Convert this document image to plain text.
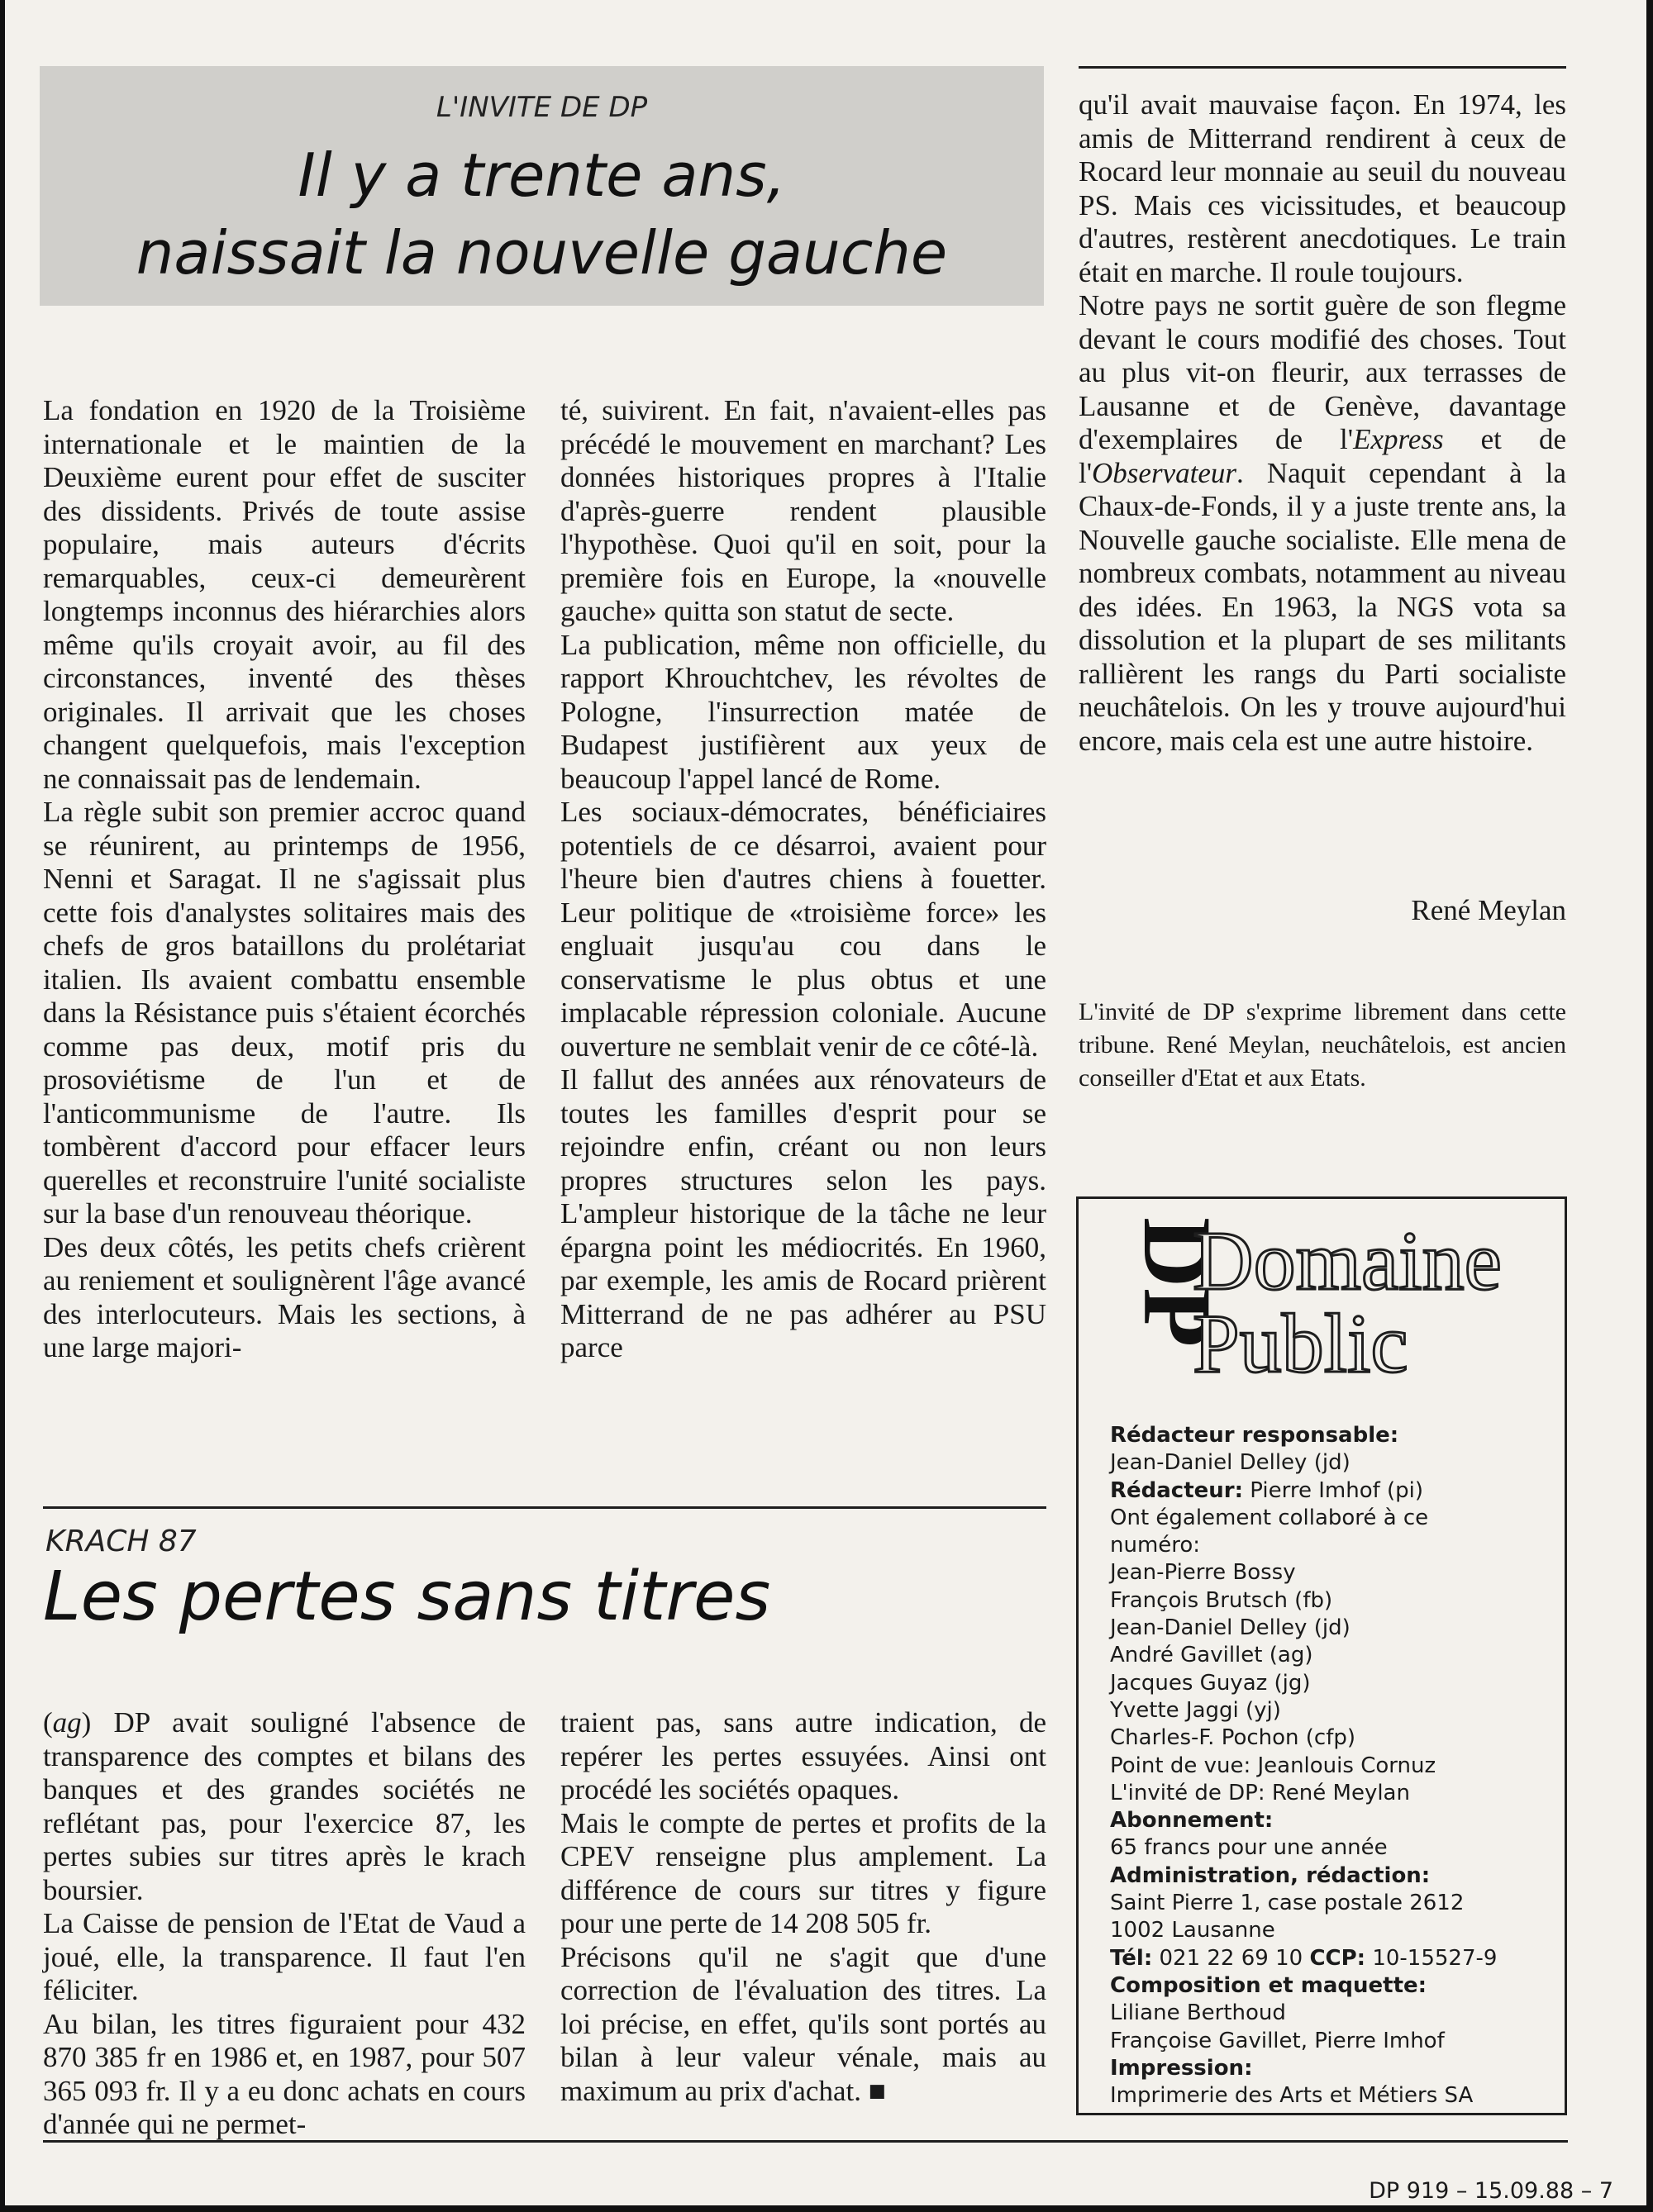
L'INVITE DE DP
Il y a trente ans,
naissait la nouvelle gauche

La fondation en 1920 de la Troisième internationale et le maintien de la Deuxième eurent pour effet de susciter des dissidents. Privés de toute assise populaire, mais auteurs d'écrits remarquables, ceux-ci demeurèrent longtemps inconnus des hiérarchies alors même qu'ils croyait avoir, au fil des circonstances, inventé des thèses originales. Il arrivait que les choses changent quelquefois, mais l'exception ne connaissait pas de lendemain.

La règle subit son premier accroc quand se réunirent, au printemps de 1956, Nenni et Saragat. Il ne s'agissait plus cette fois d'analystes solitaires mais des chefs de gros bataillons du prolétariat italien. Ils avaient combattu ensemble dans la Résistance puis s'étaient écorchés comme pas deux, motif pris du prosoviétisme de l'un et de l'anticommunisme de l'autre. Ils tombèrent d'accord pour effacer leurs querelles et reconstruire l'unité socialiste sur la base d'un renouveau théorique.

Des deux côtés, les petits chefs crièrent au reniement et soulignèrent l'âge avancé des interlocuteurs. Mais les sections, à une large majori-

té, suivirent. En fait, n'avaient-elles pas précédé le mouvement en marchant? Les données historiques propres à l'Italie d'après-guerre rendent plausible l'hypothèse. Quoi qu'il en soit, pour la première fois en Europe, la «nouvelle gauche» quitta son statut de secte.

La publication, même non officielle, du rapport Khrouchtchev, les révoltes de Pologne, l'insurrection matée de Budapest justifièrent aux yeux de beaucoup l'appel lancé de Rome.

Les sociaux-démocrates, bénéficiaires potentiels de ce désarroi, avaient pour l'heure bien d'autres chiens à fouetter. Leur politique de «troisième force» les engluait jusqu'au cou dans le conservatisme le plus obtus et une implacable répression coloniale. Aucune ouverture ne semblait venir de ce côté-là.

Il fallut des années aux rénovateurs de toutes les familles d'esprit pour se rejoindre enfin, créant ou non leurs propres structures selon les pays. L'ampleur historique de la tâche ne leur épargna point les médiocrités. En 1960, par exemple, les amis de Rocard prièrent Mitterrand de ne pas adhérer au PSU parce

qu'il avait mauvaise façon. En 1974, les amis de Mitterrand rendirent à ceux de Rocard leur monnaie au seuil du nouveau PS. Mais ces vicissitudes, et beaucoup d'autres, restèrent anecdotiques. Le train était en marche. Il roule toujours.

Notre pays ne sortit guère de son flegme devant le cours modifié des choses. Tout au plus vit-on fleurir, aux terrasses de Lausanne et de Genève, davantage d'exemplaires de l'Express et de l'Observateur. Naquit cependant à la Chaux-de-Fonds, il y a juste trente ans, la Nouvelle gauche socialiste. Elle mena de nombreux combats, notamment au niveau des idées. En 1963, la NGS vota sa dissolution et la plupart de ses militants rallièrent les rangs du Parti socialiste neuchâtelois. On les y trouve aujourd'hui encore, mais cela est une autre histoire.

René Meylan
L'invité de DP s'exprime librement dans cette tribune. René Meylan, neuchâtelois, est ancien conseiller d'Etat et aux Etats.
KRACH 87
Les pertes sans titres

(ag) DP avait souligné l'absence de transparence des comptes et bilans des banques et des grandes sociétés ne reflétant pas, pour l'exercice 87, les pertes subies sur titres après le krach boursier.

La Caisse de pension de l'Etat de Vaud a joué, elle, la transparence. Il faut l'en féliciter.

Au bilan, les titres figuraient pour 432 870 385 fr en 1986 et, en 1987, pour 507 365 093 fr. Il y a eu donc achats en cours d'année qui ne permet-

traient pas, sans autre indication, de repérer les pertes essuyées. Ainsi ont procédé les sociétés opaques.

Mais le compte de pertes et profits de la CPEV renseigne plus amplement. La différence de cours sur titres y figure pour une perte de 14 208 505 fr.

Précisons qu'il ne s'agit que d'une correction de l'évaluation des titres. La loi précise, en effet, qu'ils sont portés au bilan à leur valeur vénale, mais au maximum au prix d'achat. ■

DP
Domaine
Public
Rédacteur responsable:
Jean-Daniel Delley (jd)
Rédacteur: Pierre Imhof (pi)
Ont également collaboré à ce
numéro:
Jean-Pierre Bossy
François Brutsch (fb)
Jean-Daniel Delley (jd)
André Gavillet (ag)
Jacques Guyaz (jg)
Yvette Jaggi (yj)
Charles-F. Pochon (cfp)
Point de vue: Jeanlouis Cornuz
L'invité de DP: René Meylan
Abonnement:
65 francs pour une année
Administration, rédaction:
Saint Pierre 1, case postale 2612
1002 Lausanne
Tél: 021 22 69 10 CCP: 10-15527-9
Composition et maquette:
Liliane Berthoud
Françoise Gavillet, Pierre Imhof
Impression:
Imprimerie des Arts et Métiers SA
DP 919 – 15.09.88 – 7
